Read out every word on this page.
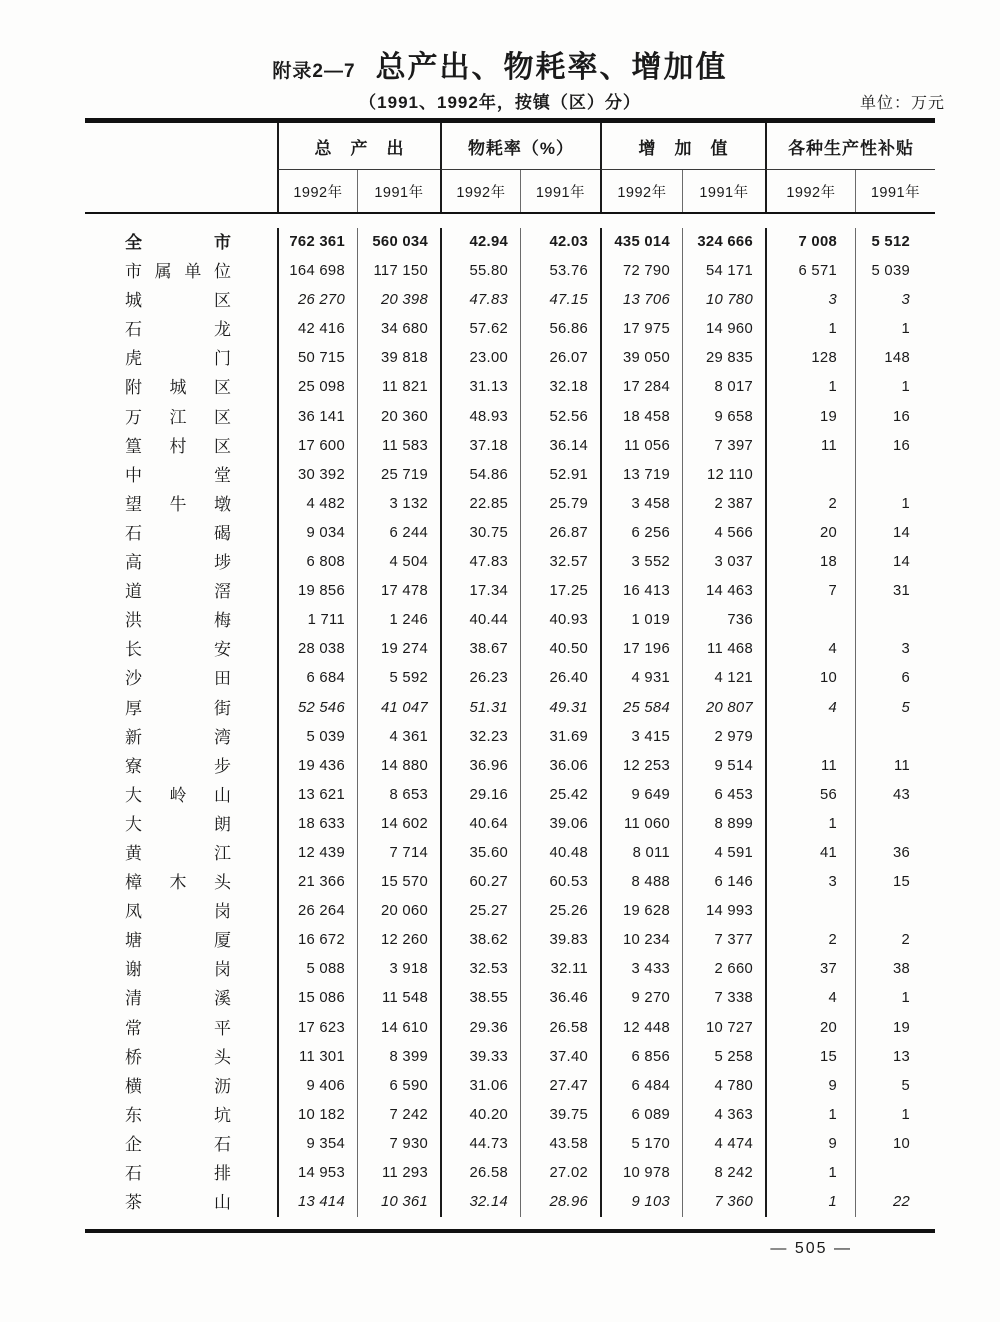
附录2—7 总产出、物耗率、增加值
（1991、1992年，按镇（区）分）	单位：万元
总　产　出	物耗率（%）	增　加　值	各种生产性补贴
1992年	1991年	1992年	1991年	1992年	1991年	1992年	1991年
全市	762 361	560 034	42.94	42.03	435 014	324 666	7 008	5 512
市属单位	164 698	117 150	55.80	53.76	72 790	54 171	6 571	5 039
城区	26 270	20 398	47.83	47.15	13 706	10 780	3	3
石龙	42 416	34 680	57.62	56.86	17 975	14 960	1	1
虎门	50 715	39 818	23.00	26.07	39 050	29 835	128	148
附城区	25 098	11 821	31.13	32.18	17 284	8 017	1	1
万江区	36 141	20 360	48.93	52.56	18 458	9 658	19	16
篁村区	17 600	11 583	37.18	36.14	11 056	7 397	11	16
中堂	30 392	25 719	54.86	52.91	13 719	12 110
望牛墩	4 482	3 132	22.85	25.79	3 458	2 387	2	1
石碣	9 034	6 244	30.75	26.87	6 256	4 566	20	14
高埗	6 808	4 504	47.83	32.57	3 552	3 037	18	14
道滘	19 856	17 478	17.34	17.25	16 413	14 463	7	31
洪梅	1 711	1 246	40.44	40.93	1 019	736
长安	28 038	19 274	38.67	40.50	17 196	11 468	4	3
沙田	6 684	5 592	26.23	26.40	4 931	4 121	10	6
厚街	52 546	41 047	51.31	49.31	25 584	20 807	4	5
新湾	5 039	4 361	32.23	31.69	3 415	2 979
寮步	19 436	14 880	36.96	36.06	12 253	9 514	11	11
大岭山	13 621	8 653	29.16	25.42	9 649	6 453	56	43
大朗	18 633	14 602	40.64	39.06	11 060	8 899	1
黄江	12 439	7 714	35.60	40.48	8 011	4 591	41	36
樟木头	21 366	15 570	60.27	60.53	8 488	6 146	3	15
凤岗	26 264	20 060	25.27	25.26	19 628	14 993
塘厦	16 672	12 260	38.62	39.83	10 234	7 377	2	2
谢岗	5 088	3 918	32.53	32.11	3 433	2 660	37	38
清溪	15 086	11 548	38.55	36.46	9 270	7 338	4	1
常平	17 623	14 610	29.36	26.58	12 448	10 727	20	19
桥头	11 301	8 399	39.33	37.40	6 856	5 258	15	13
横沥	9 406	6 590	31.06	27.47	6 484	4 780	9	5
东坑	10 182	7 242	40.20	39.75	6 089	4 363	1	1
企石	9 354	7 930	44.73	43.58	5 170	4 474	9	10
石排	14 953	11 293	26.58	27.02	10 978	8 242	1
茶山	13 414	10 361	32.14	28.96	9 103	7 360	1	22
— 505 —
